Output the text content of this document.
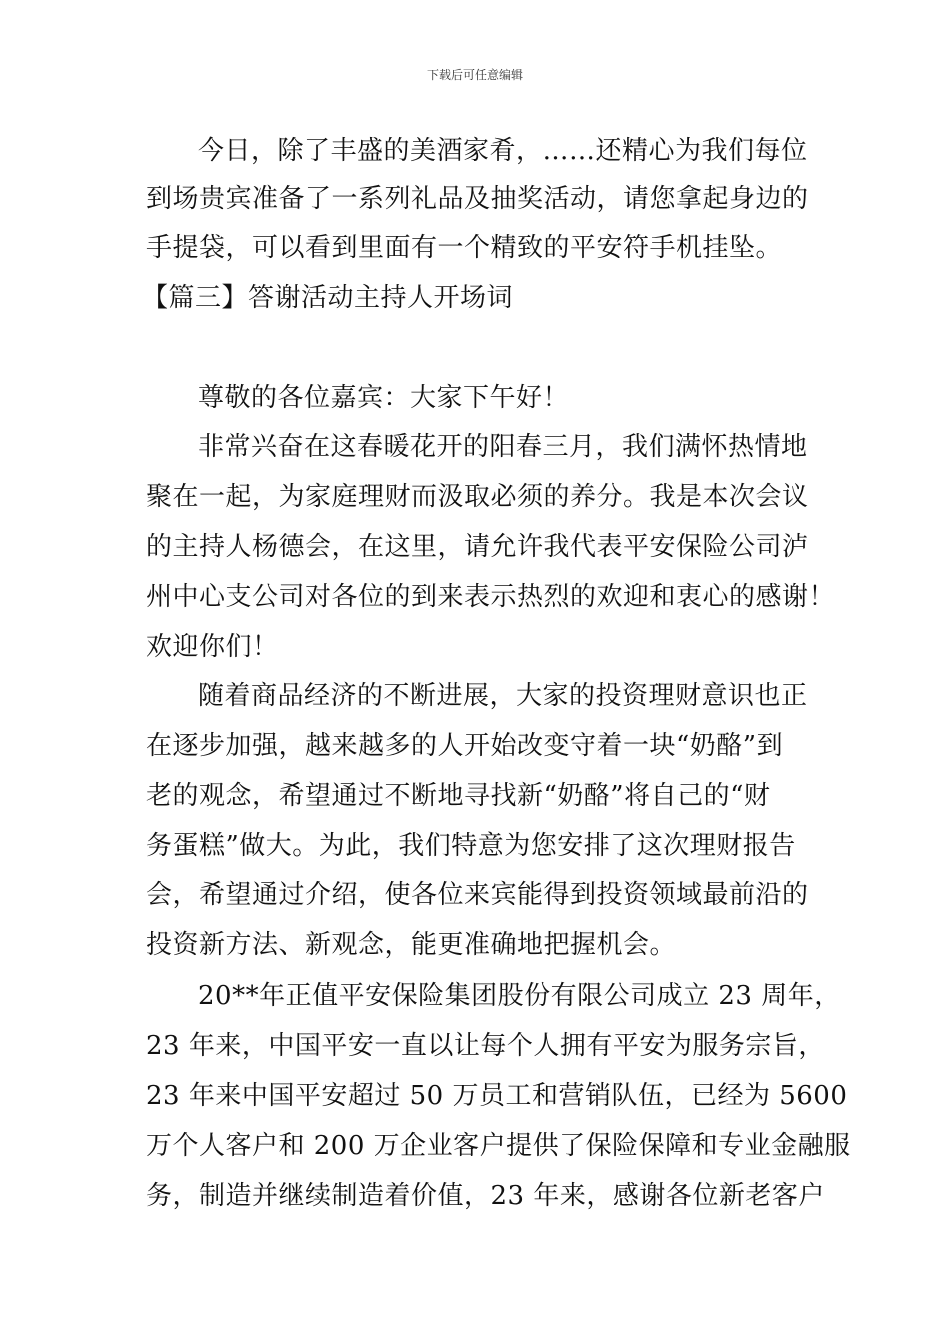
下载后可任意编辑
今日，除了丰盛的美酒家肴，……还精心为我们每位
到场贵宾准备了一系列礼品及抽奖活动，请您拿起身边的
手提袋，可以看到里面有一个精致的平安符手机挂坠。
【篇三】答谢活动主持人开场词
尊敬的各位嘉宾：大家下午好！
非常兴奋在这春暖花开的阳春三月，我们满怀热情地
聚在一起，为家庭理财而汲取必须的养分。我是本次会议
的主持人杨德会，在这里，请允许我代表平安保险公司泸
州中心支公司对各位的到来表示热烈的欢迎和衷心的感谢！
欢迎你们！
随着商品经济的不断进展，大家的投资理财意识也正
在逐步加强，越来越多的人开始改变守着一块“奶酪”到
老的观念，希望通过不断地寻找新“奶酪”将自己的“财
务蛋糕”做大。为此，我们特意为您安排了这次理财报告
会，希望通过介绍，使各位来宾能得到投资领域最前沿的
投资新方法、新观念，能更准确地把握机会。
20**年正值平安保险集团股份有限公司成立 23 周年，
23 年来，中国平安一直以让每个人拥有平安为服务宗旨，
23 年来中国平安超过 50 万员工和营销队伍，已经为 5600
万个人客户和 200 万企业客户提供了保险保障和专业金融服
务，制造并继续制造着价值，23 年来，感谢各位新老客户
